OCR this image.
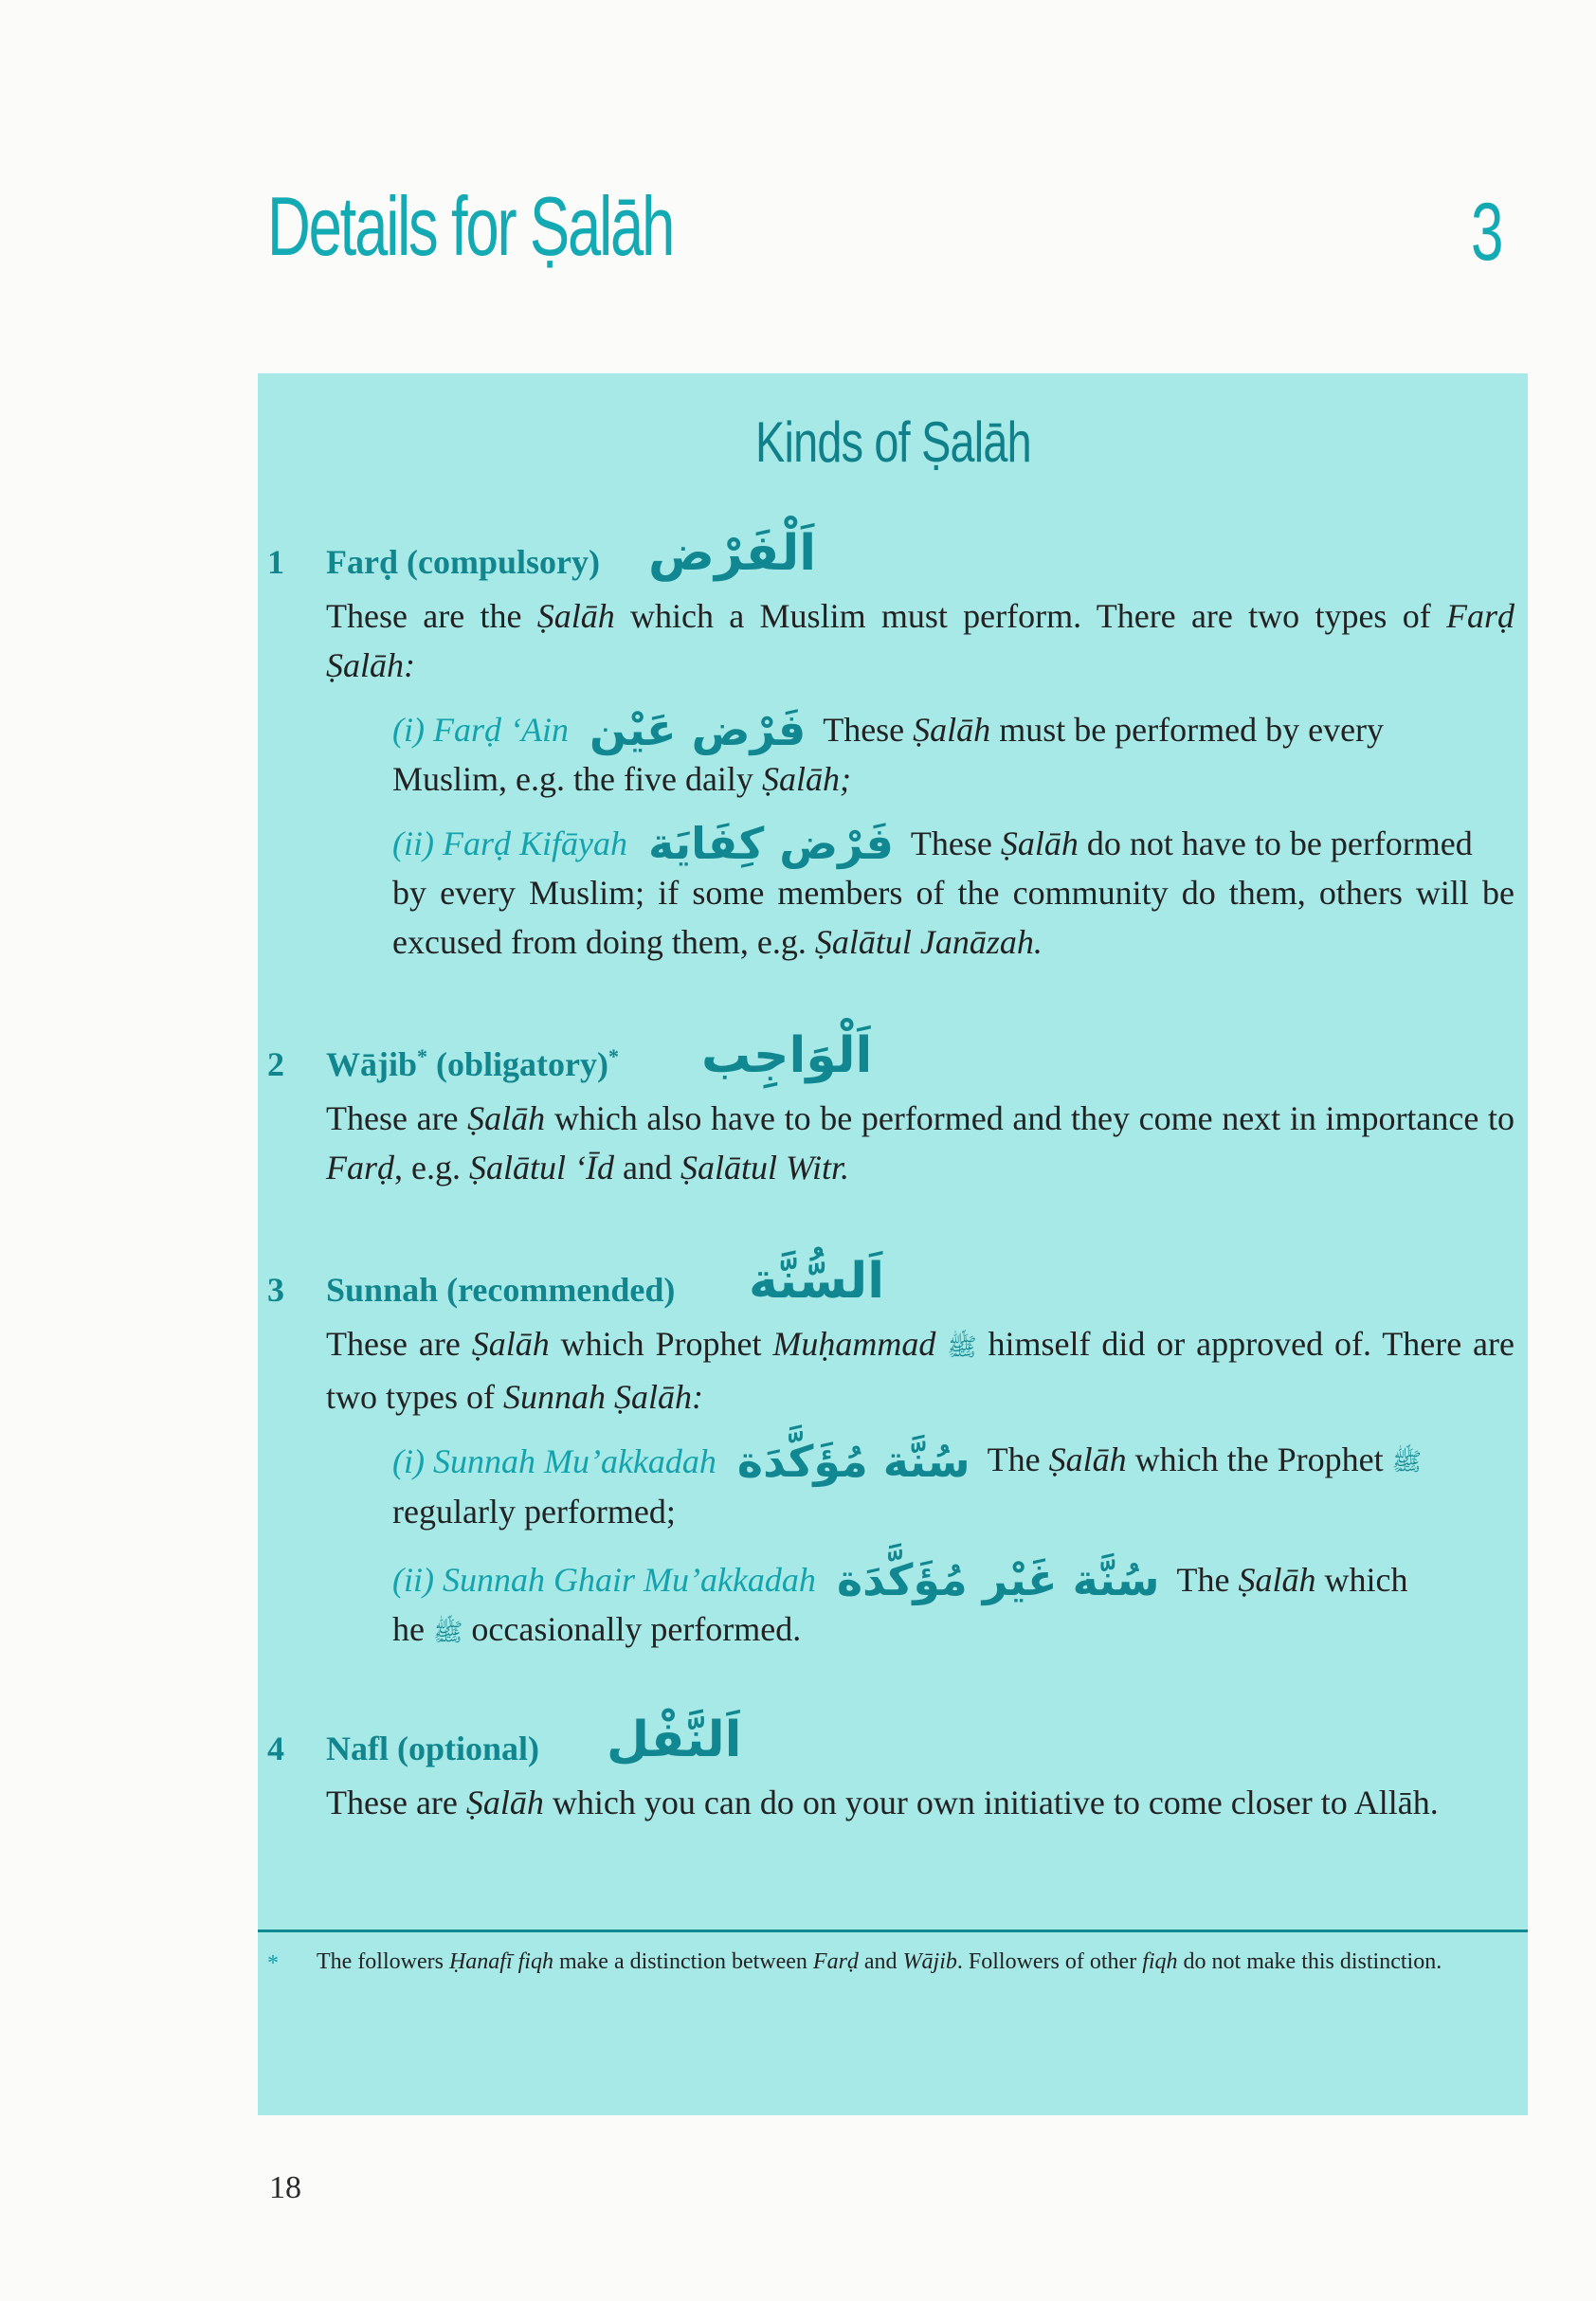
Details for Ṣalāh	3
Kinds of Ṣalāh
1 Farḍ (compulsory) اَلْفَرْض
These are the Ṣalāh which a Muslim must perform. There are two types of Farḍ Ṣalāh:
(i) Farḍ ‘Ain فَرْض عَيْن These Ṣalāh must be performed by every
Muslim, e.g. the five daily Ṣalāh;
(ii) Farḍ Kifāyah فَرْض كِفَايَة These Ṣalāh do not have to be performed
by every Muslim; if some members of the community do them, others will be excused from doing them, e.g. Ṣalātul Janāzah.
2 Wājib* (obligatory)* اَلْوَاجِب
These are Ṣalāh which also have to be performed and they come next in importance to Farḍ, e.g. Ṣalātul ‘Īd and Ṣalātul Witr.
3 Sunnah (recommended) اَلسُّنَّة
These are Ṣalāh which Prophet Muḥammad ﷺ himself did or approved of. There are two types of Sunnah Ṣalāh:
(i) Sunnah Mu’akkadah سُنَّة مُؤَكَّدَة The Ṣalāh which the Prophet ﷺ
regularly performed;
(ii) Sunnah Ghair Mu’akkadah سُنَّة غَيْر مُؤَكَّدَة The Ṣalāh which
he ﷺ occasionally performed.
4 Nafl (optional) اَلنَّفْل
These are Ṣalāh which you can do on your own initiative to come closer to Allāh.
* The followers Ḥanafī fiqh make a distinction between Farḍ and Wājib. Followers of other fiqh do not make this distinction.
18
